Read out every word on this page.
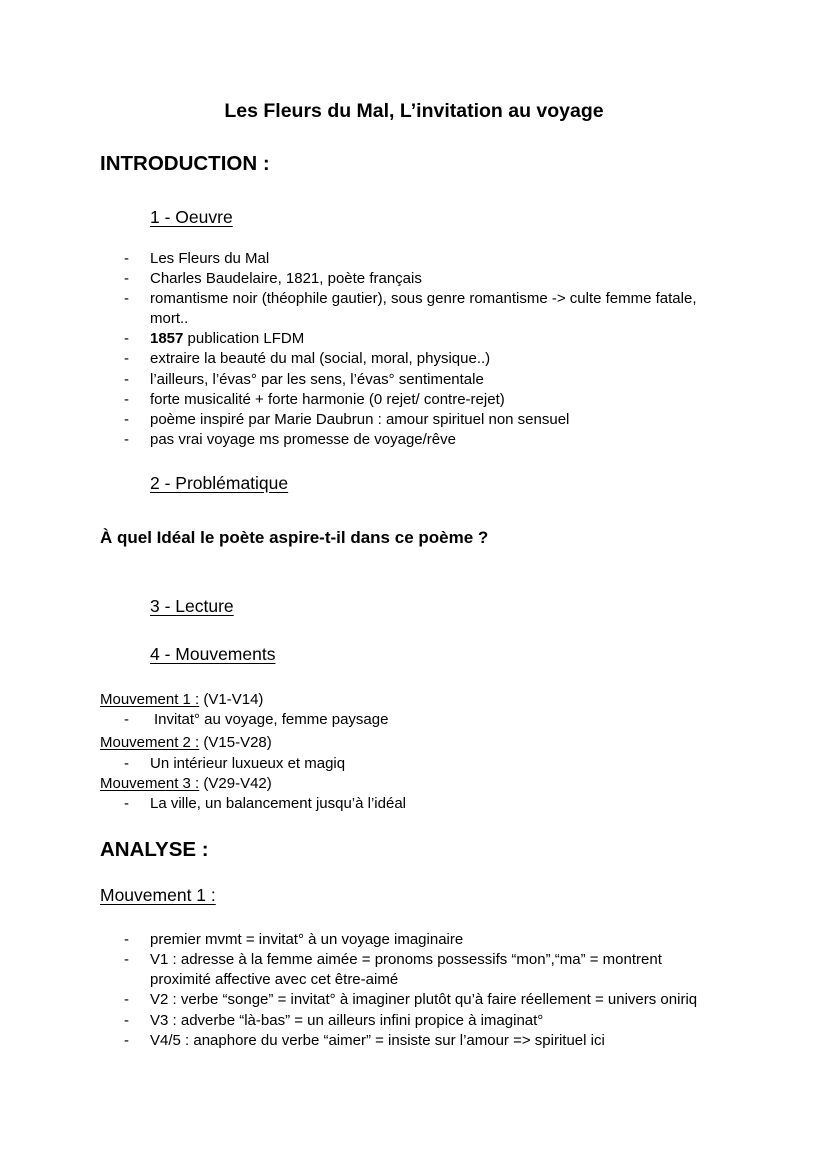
Les Fleurs du Mal, L’invitation au voyage
INTRODUCTION :
1 - Oeuvre
- Les Fleurs du Mal
- Charles Baudelaire, 1821, poète français
- romantisme noir (théophile gautier), sous genre romantisme -> culte femme fatale,
mort..
- 1857 publication LFDM
- extraire la beauté du mal (social, moral, physique..)
- l’ailleurs, l’évas° par les sens, l’évas° sentimentale
- forte musicalité + forte harmonie (0 rejet/ contre-rejet)
- poème inspiré par Marie Daubrun : amour spirituel non sensuel
- pas vrai voyage ms promesse de voyage/rêve
2 - Problématique
À quel Idéal le poète aspire-t-il dans ce poème ?
3 - Lecture
4 - Mouvements
Mouvement 1 : (V1-V14)
- Invitat° au voyage, femme paysage
Mouvement 2 : (V15-V28)
- Un intérieur luxueux et magiq
Mouvement 3 : (V29-V42)
- La ville, un balancement jusqu’à l’idéal
ANALYSE :
Mouvement 1 :
- premier mvmt = invitat° à un voyage imaginaire
- V1 : adresse à la femme aimée = pronoms possessifs “mon”,“ma” = montrent
proximité affective avec cet être-aimé
- V2 : verbe “songe” = invitat° à imaginer plutôt qu’à faire réellement = univers oniriq
- V3 : adverbe “là-bas” = un ailleurs infini propice à imaginat°
- V4/5 : anaphore du verbe “aimer” = insiste sur l’amour => spirituel ici
